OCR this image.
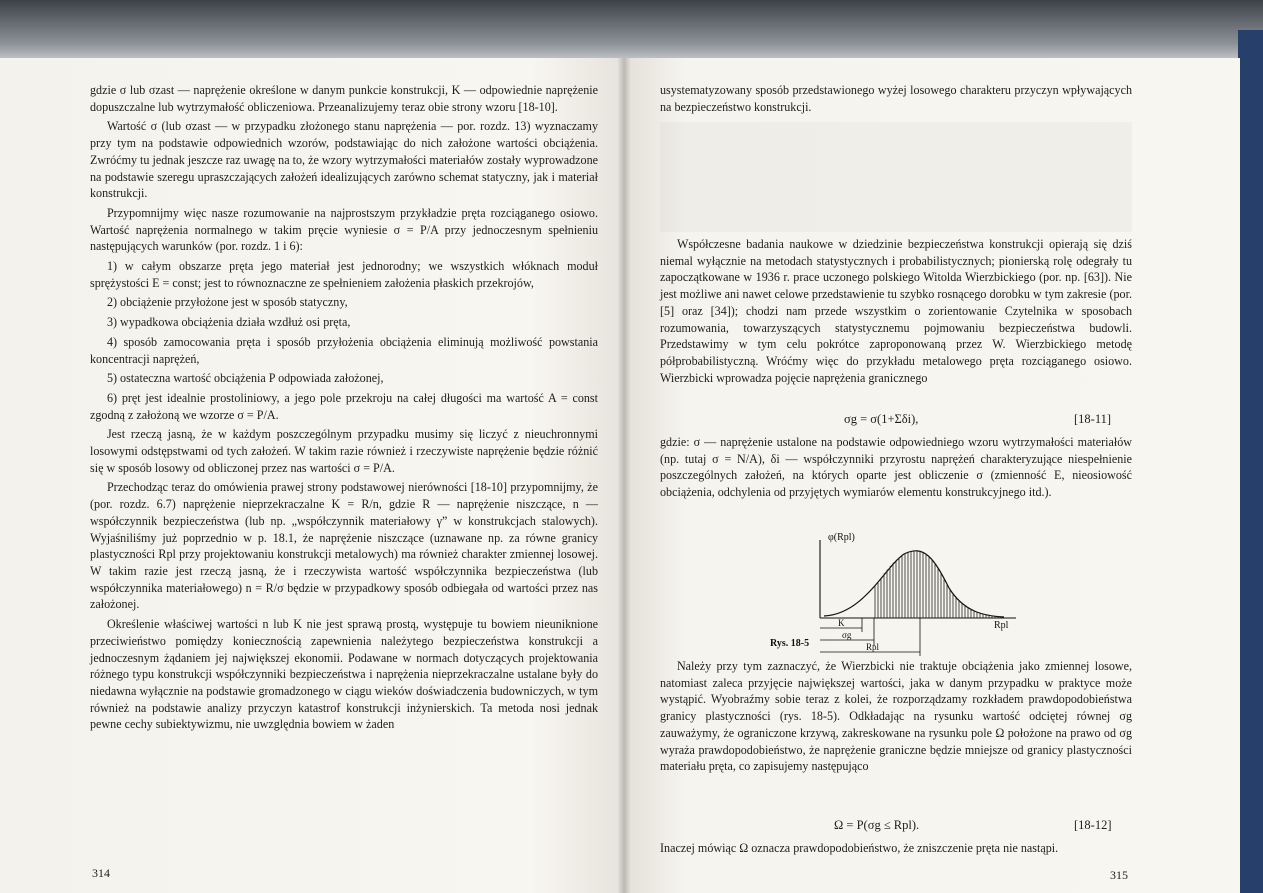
gdzie σ lub σzast — naprężenie określone w danym punkcie konstrukcji, K — odpowiednie naprężenie dopuszczalne lub wytrzymałość obliczeniowa. Przeanalizujemy teraz obie strony wzoru [18-10].

Wartość σ (lub σzast — w przypadku złożonego stanu naprężenia — por. rozdz. 13) wyznaczamy przy tym na podstawie odpowiednich wzorów, podstawiając do nich założone wartości obciążenia. Zwróćmy tu jednak jeszcze raz uwagę na to, że wzory wytrzymałości materiałów zostały wyprowadzone na podstawie szeregu upraszczających założeń idealizujących zarówno schemat statyczny, jak i materiał konstrukcji.

Przypomnijmy więc nasze rozumowanie na najprostszym przykładzie pręta rozciąganego osiowo. Wartość naprężenia normalnego w takim pręcie wyniesie σ = P/A przy jednoczesnym spełnieniu następujących warunków (por. rozdz. 1 i 6):

1) w całym obszarze pręta jego materiał jest jednorodny; we wszystkich włóknach moduł sprężystości E = const; jest to równoznaczne ze spełnieniem założenia płaskich przekrojów,

2) obciążenie przyłożone jest w sposób statyczny,

3) wypadkowa obciążenia działa wzdłuż osi pręta,

4) sposób zamocowania pręta i sposób przyłożenia obciążenia eliminują możliwość powstania koncentracji naprężeń,

5) ostateczna wartość obciążenia P odpowiada założonej,

6) pręt jest idealnie prostoliniowy, a jego pole przekroju na całej długości ma wartość A = const zgodną z założoną we wzorze σ = P/A.

Jest rzeczą jasną, że w każdym poszczególnym przypadku musimy się liczyć z nieuchronnymi losowymi odstępstwami od tych założeń. W takim razie również i rzeczywiste naprężenie będzie różnić się w sposób losowy od obliczonej przez nas wartości σ = P/A.

Przechodząc teraz do omówienia prawej strony podstawowej nierówności [18-10] przypomnijmy, że (por. rozdz. 6.7) naprężenie nieprzekraczalne K = R/n, gdzie R — naprężenie niszczące, n — współczynnik bezpieczeństwa (lub np. „współczynnik materiałowy γ” w konstrukcjach stalowych). Wyjaśniliśmy już poprzednio w p. 18.1, że naprężenie niszczące (uznawane np. za równe granicy plastyczności Rpl przy projektowaniu konstrukcji metalowych) ma również charakter zmiennej losowej. W takim razie jest rzeczą jasną, że i rzeczywista wartość współczynnika bezpieczeństwa (lub współczynnika materiałowego) n = R/σ będzie w przypadkowy sposób odbiegała od wartości przez nas założonej.

Określenie właściwej wartości n lub K nie jest sprawą prostą, występuje tu bowiem nieuniknione przeciwieństwo pomiędzy koniecznością zapewnienia należytego bezpieczeństwa konstrukcji a jednoczesnym żądaniem jej największej ekonomii. Podawane w normach dotyczących projektowania różnego typu konstrukcji współczynniki bezpieczeństwa i naprężenia nieprzekraczalne ustalane były do niedawna wyłącznie na podstawie gromadzonego w ciągu wieków doświadczenia budowniczych, w tym również na podstawie analizy przyczyn katastrof konstrukcji inżynierskich. Ta metoda nosi jednak pewne cechy subiektywizmu, nie uwzględnia bowiem w żaden

314

usystematyzowany sposób przedstawionego wyżej losowego charakteru przyczyn wpływających na bezpieczeństwo konstrukcji.

Współczesne badania naukowe w dziedzinie bezpieczeństwa konstrukcji opierają się dziś niemal wyłącznie na metodach statystycznych i probabilistycznych; pionierską rolę odegrały tu zapoczątkowane w 1936 r. prace uczonego polskiego Witolda Wierzbickiego (por. np. [63]). Nie jest możliwe ani nawet celowe przedstawienie tu szybko rosnącego dorobku w tym zakresie (por. [5] oraz [34]); chodzi nam przede wszystkim o zorientowanie Czytelnika w sposobach rozumowania, towarzyszących statystycznemu pojmowaniu bezpieczeństwa budowli. Przedstawimy w tym celu pokrótce zaproponowaną przez W. Wierzbickiego metodę półprobabilistyczną. Wróćmy więc do przykładu metalowego pręta rozciąganego osiowo. Wierzbicki wprowadza pojęcie naprężenia granicznego

σg = σ(1+Σδi),	[18-11]

gdzie: σ — naprężenie ustalone na podstawie odpowiedniego wzoru wytrzymałości materiałów (np. tutaj σ = N/A), δi — współczynniki przyrostu naprężeń charakteryzujące niespełnienie poszczególnych założeń, na których oparte jest obliczenie σ (zmienność E, nieosiowość obciążenia, odchylenia od przyjętych wymiarów elementu konstrukcyjnego itd.).

φ(Rpl)
Rpl
K
σg
Rpl
Rys. 18-5

Należy przy tym zaznaczyć, że Wierzbicki nie traktuje obciążenia jako zmiennej losowe, natomiast zaleca przyjęcie największej wartości, jaka w danym przypadku w praktyce może wystąpić. Wyobraźmy sobie teraz z kolei, że rozporządzamy rozkładem prawdopodobieństwa granicy plastyczności (rys. 18-5). Odkładając na rysunku wartość odciętej równej σg zauważymy, że ograniczone krzywą, zakreskowane na rysunku pole Ω położone na prawo od σg wyraża prawdopodobieństwo, że naprężenie graniczne będzie mniejsze od granicy plastyczności materiału pręta, co zapisujemy następująco

Ω = P(σg ≤ Rpl).	[18-12]

Inaczej mówiąc Ω oznacza prawdopodobieństwo, że zniszczenie pręta nie nastąpi.

315
